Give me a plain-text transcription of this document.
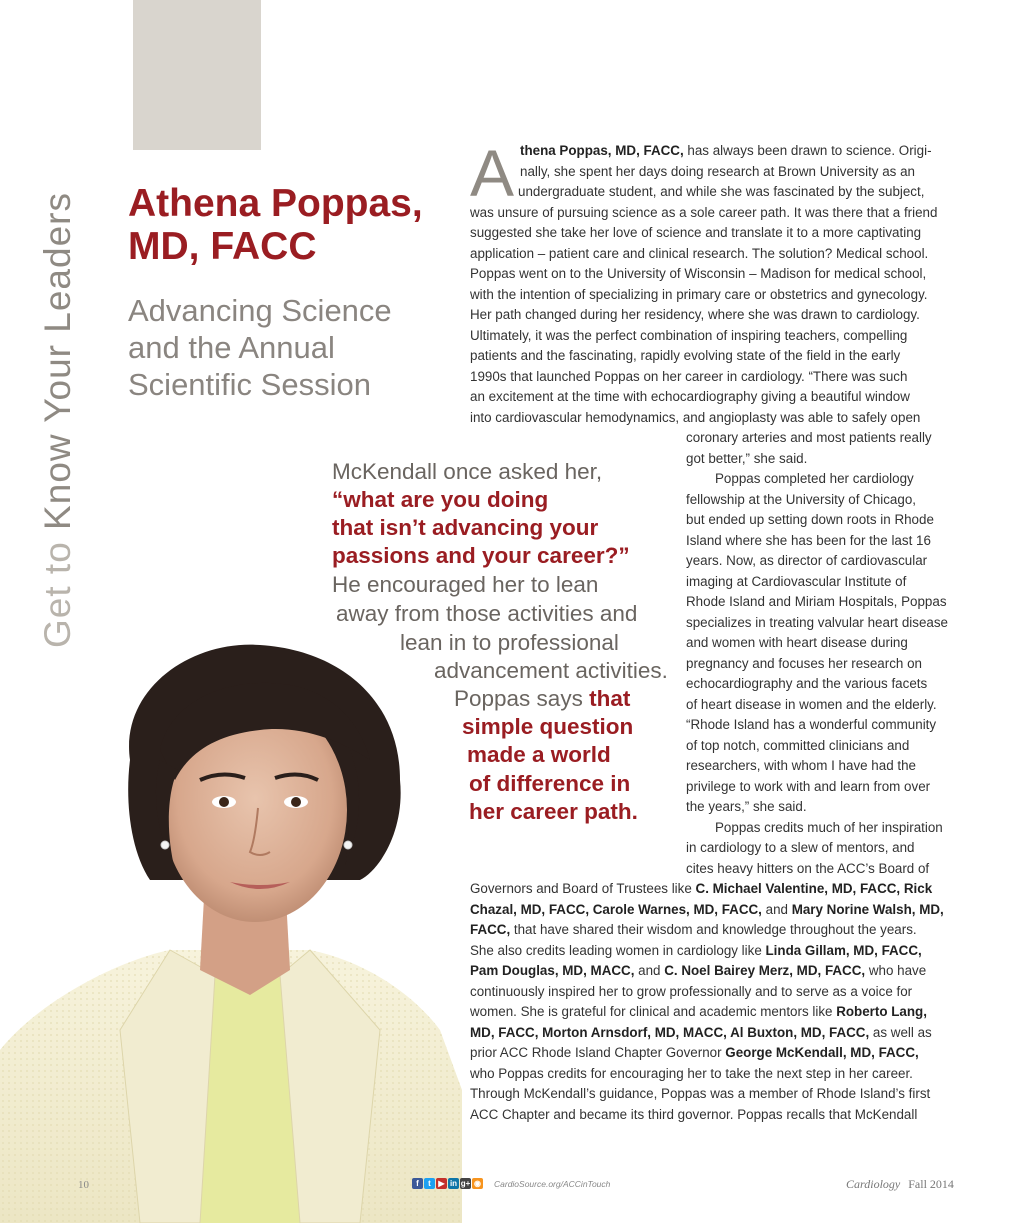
Get to Know Your Leaders Athena Poppas,
MD, FACC
Advancing Science
and the Annual
Scientific Session
A thena Poppas, MD, FACC, has always been drawn to science. Origi-
nally, she spent her days doing research at Brown University as an
undergraduate student, and while she was fascinated by the subject,
was unsure of pursuing science as a sole career path. It was there that a friend
suggested she take her love of science and translate it to a more captivating
application – patient care and clinical research. The solution? Medical school.
Poppas went on to the University of Wisconsin – Madison for medical school,
with the intention of specializing in primary care or obstetrics and gynecology.
Her path changed during her residency, where she was drawn to cardiology.
Ultimately, it was the perfect combination of inspiring teachers, compelling
patients and the fascinating, rapidly evolving state of the field in the early
1990s that launched Poppas on her career in cardiology. “There was such
an excitement at the time with echocardiography giving a beautiful window
into cardiovascular hemodynamics, and angioplasty was able to safely open
coronary arteries and most patients really
got better,” she said.
Poppas completed her cardiology
fellowship at the University of Chicago,
but ended up setting down roots in Rhode
Island where she has been for the last 16
years. Now, as director of cardiovascular
imaging at Cardiovascular Institute of
Rhode Island and Miriam Hospitals, Poppas
specializes in treating valvular heart disease
and women with heart disease during
pregnancy and focuses her research on
echocardiography and the various facets
of heart disease in women and the elderly.
“Rhode Island has a wonderful community
of top notch, committed clinicians and
researchers, with whom I have had the
privilege to work with and learn from over
the years,” she said.
Poppas credits much of her inspiration
in cardiology to a slew of mentors, and
cites heavy hitters on the ACC’s Board of
Governors and Board of Trustees like C. Michael Valentine, MD, FACC, Rick
Chazal, MD, FACC, Carole Warnes, MD, FACC, and Mary Norine Walsh, MD,
FACC, that have shared their wisdom and knowledge throughout the years.
She also credits leading women in cardiology like Linda Gillam, MD, FACC,
Pam Douglas, MD, MACC, and C. Noel Bairey Merz, MD, FACC, who have
continuously inspired her to grow professionally and to serve as a voice for
women. She is grateful for clinical and academic mentors like Roberto Lang,
MD, FACC, Morton Arnsdorf, MD, MACC, Al Buxton, MD, FACC, as well as
prior ACC Rhode Island Chapter Governor George McKendall, MD, FACC,
who Poppas credits for encouraging her to take the next step in her career.
Through McKendall’s guidance, Poppas was a member of Rhode Island’s first
ACC Chapter and became its third governor. Poppas recalls that McKendall
McKendall once asked her,
“what are you doing
that isn’t advancing your
passions and your career?”
He encouraged her to lean
away from those activities and
lean in to professional
advancement activities.
Poppas says that
simple question
made a world
of difference in
her career path.
10	f	t ▶ in g+ ◉ CardioSource.org/ACCinTouch	Cardiology Fall 2014
